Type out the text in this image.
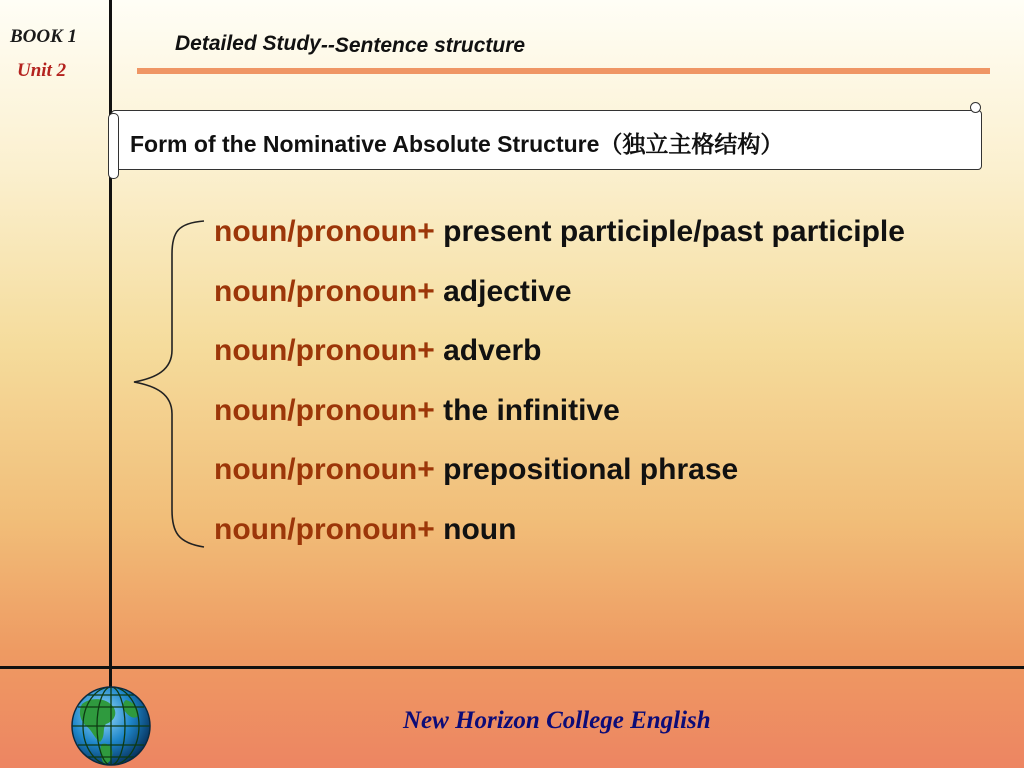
BOOK 1
Unit 2
Detailed Study--Sentence structure
Form of the Nominative Absolute Structure（独立主格结构）
noun/pronoun+ present participle/past participle
noun/pronoun+ adjective
noun/pronoun+ adverb
noun/pronoun+ the infinitive
noun/pronoun+ prepositional phrase
noun/pronoun+ noun
New Horizon College English
